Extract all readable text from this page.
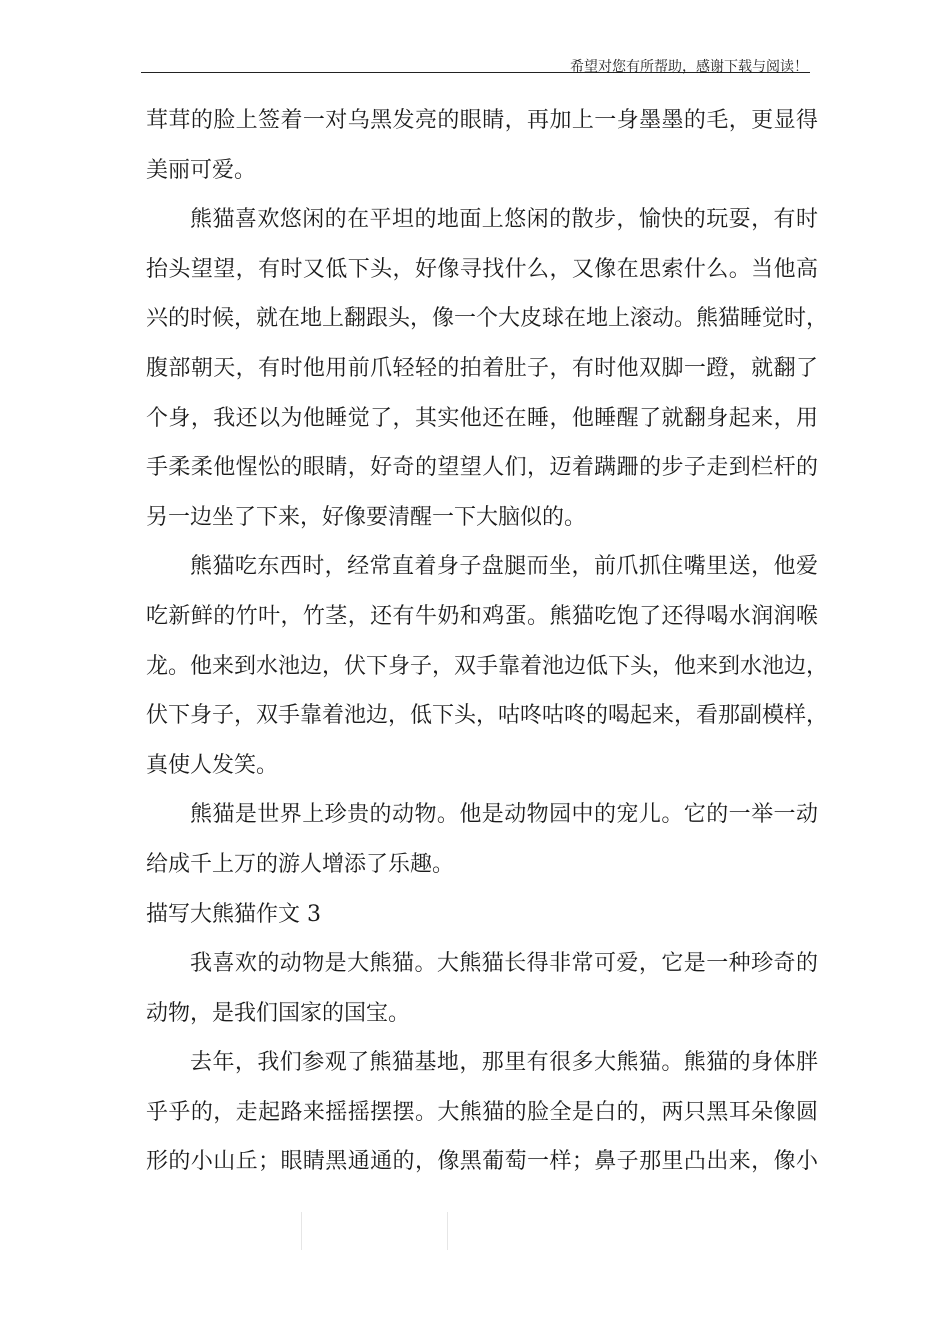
希望对您有所帮助，感谢下载与阅读！
茸茸的脸上签着一对乌黑发亮的眼睛，再加上一身墨墨的毛，更显得
美丽可爱。
熊猫喜欢悠闲的在平坦的地面上悠闲的散步，愉快的玩耍，有时
抬头望望，有时又低下头，好像寻找什么，又像在思索什么。当他高
兴的时候，就在地上翻跟头，像一个大皮球在地上滚动。熊猫睡觉时，
腹部朝天，有时他用前爪轻轻的拍着肚子，有时他双脚一蹬，就翻了
个身，我还以为他睡觉了，其实他还在睡，他睡醒了就翻身起来，用
手柔柔他惺忪的眼睛，好奇的望望人们，迈着蹒跚的步子走到栏杆的
另一边坐了下来，好像要清醒一下大脑似的。
熊猫吃东西时，经常直着身子盘腿而坐，前爪抓住嘴里送，他爱
吃新鲜的竹叶，竹茎，还有牛奶和鸡蛋。熊猫吃饱了还得喝水润润喉
龙。他来到水池边，伏下身子，双手靠着池边低下头，他来到水池边，
伏下身子，双手靠着池边，低下头，咕咚咕咚的喝起来，看那副模样，
真使人发笑。
熊猫是世界上珍贵的动物。他是动物园中的宠儿。它的一举一动
给成千上万的游人增添了乐趣。
描写大熊猫作文 3
我喜欢的动物是大熊猫。大熊猫长得非常可爱，它是一种珍奇的
动物，是我们国家的国宝。
去年，我们参观了熊猫基地，那里有很多大熊猫。熊猫的身体胖
乎乎的，走起路来摇摇摆摆。大熊猫的脸全是白的，两只黑耳朵像圆
形的小山丘；眼睛黑通通的，像黑葡萄一样；鼻子那里凸出来，像小
